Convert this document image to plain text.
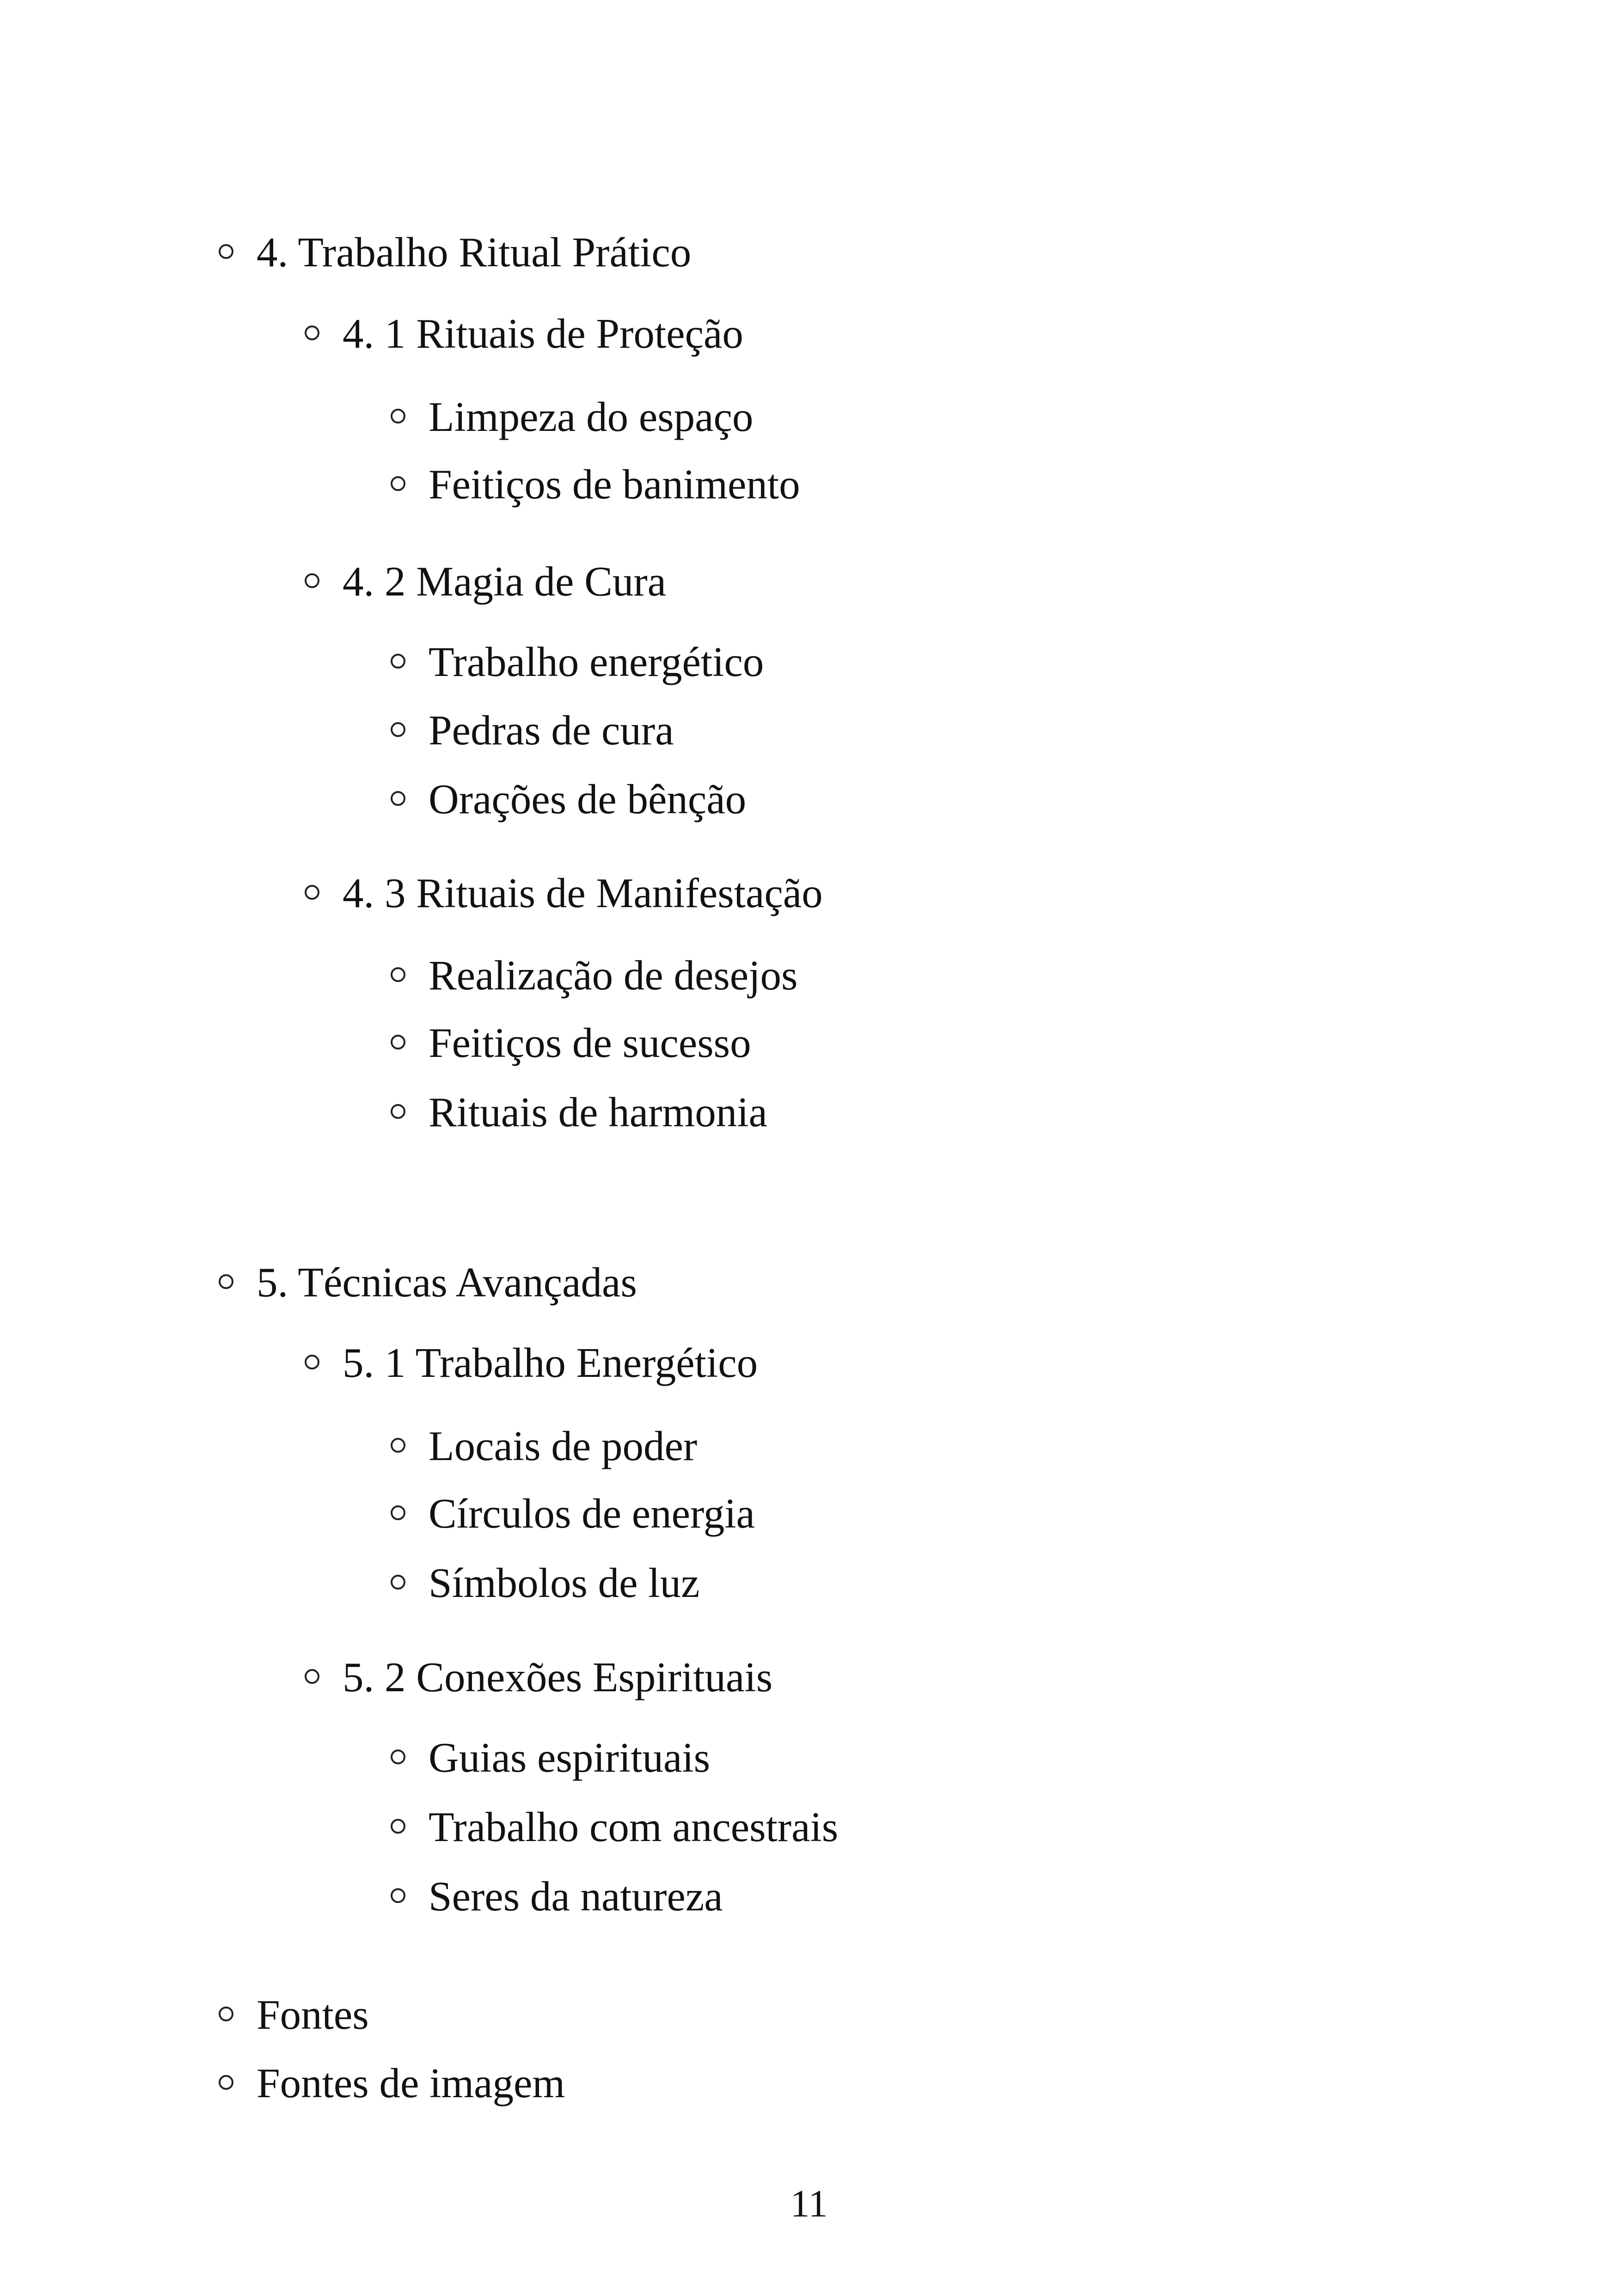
4. Trabalho Ritual Prático
4. 1 Rituais de Proteção
Limpeza do espaço
Feitiços de banimento
4. 2 Magia de Cura
Trabalho energético
Pedras de cura
Orações de bênção
4. 3 Rituais de Manifestação
Realização de desejos
Feitiços de sucesso
Rituais de harmonia
5. Técnicas Avançadas
5. 1 Trabalho Energético
Locais de poder
Círculos de energia
Símbolos de luz
5. 2 Conexões Espirituais
Guias espirituais
Trabalho com ancestrais
Seres da natureza
Fontes
Fontes de imagem
11
